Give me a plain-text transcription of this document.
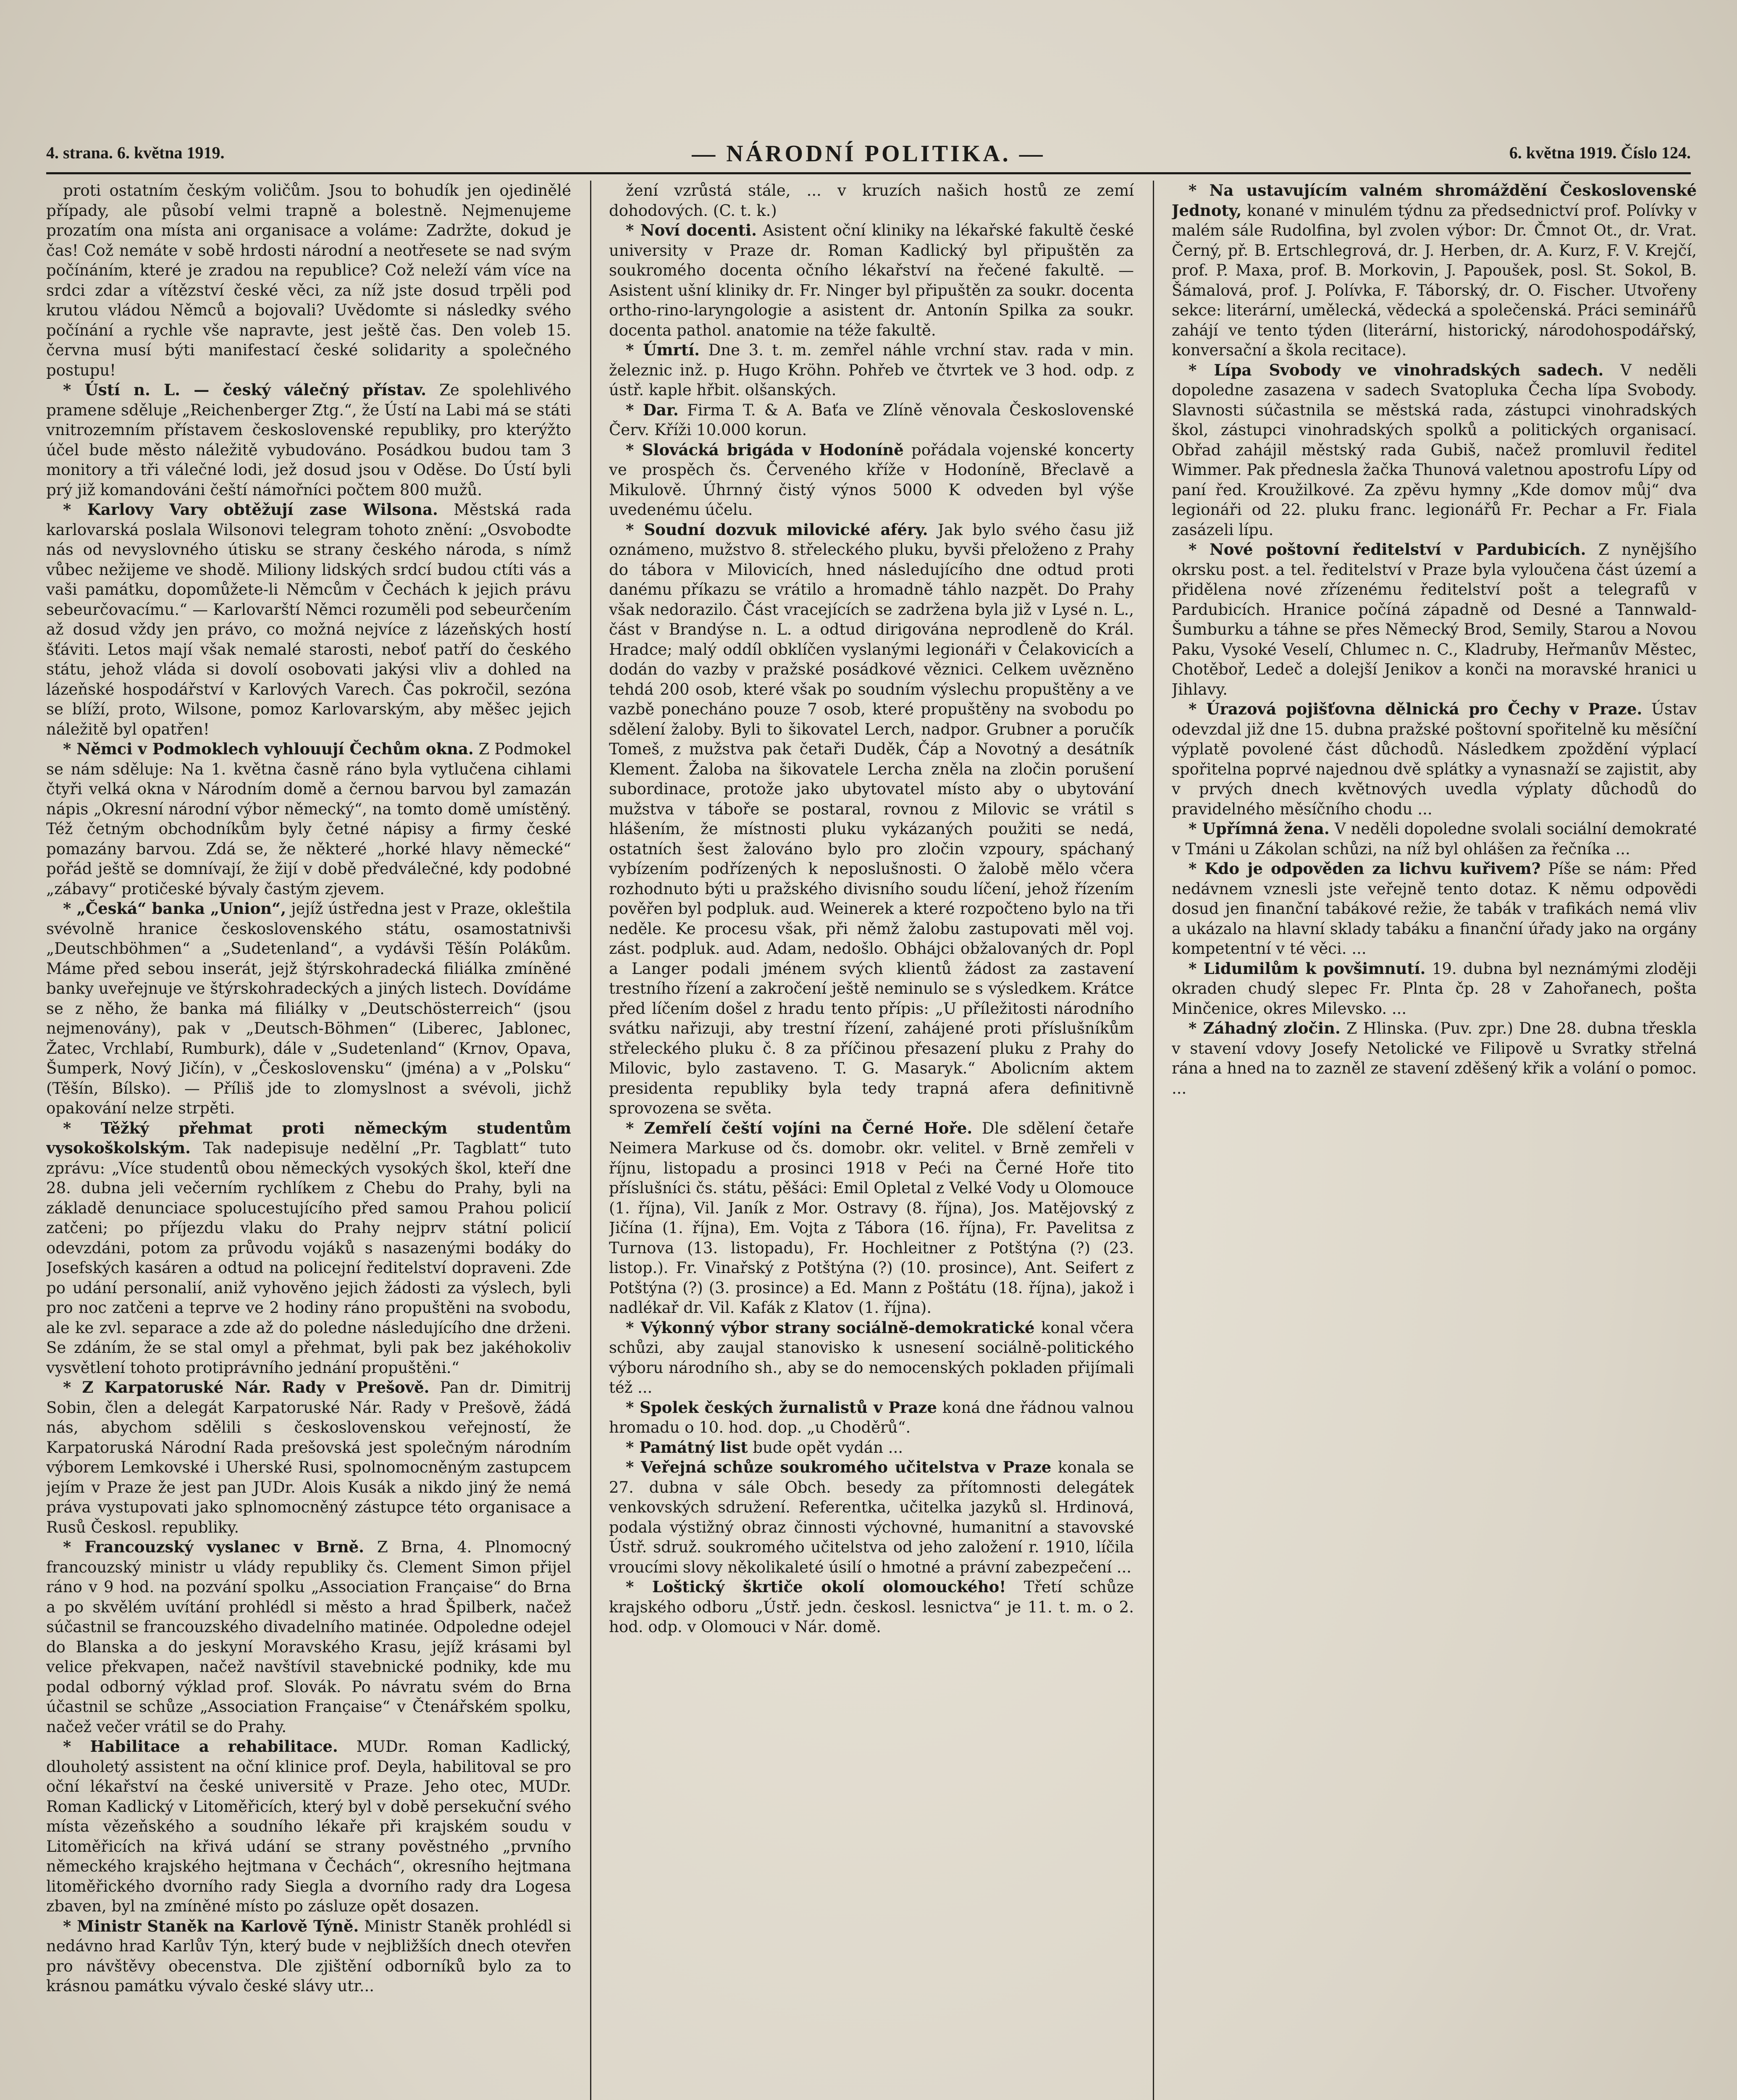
4. strana. 6. května 1919.	— NÁRODNÍ POLITIKA. —	6. května 1919. Číslo 124.

proti ostatním českým voličům. Jsou to bohudík jen ojedinělé případy, ale působí velmi trapně a bolestně. Nejmenujeme prozatím ona místa ani organisace a voláme: Zadržte, dokud je čas! Což nemáte v sobě hrdosti národní a neotřesete se nad svým počínáním, které je zradou na republice? Což neleží vám více na srdci zdar a vítězství české věci, za níž jste dosud trpěli pod krutou vládou Němců a bojovali? Uvědomte si následky svého počínání a rychle vše napravte, jest ještě čas. Den voleb 15. června musí býti manifestací české solidarity a společného postupu!

* Ústí n. L. — český válečný přístav. Ze spolehlivého pramene sděluje „Reichenberger Ztg.“, že Ústí na Labi má se státi vnitrozemním přístavem československé republiky, pro kterýžto účel bude město náležitě vybudováno. Posádkou budou tam 3 monitory a tři válečné lodi, jež dosud jsou v Oděse. Do Ústí byli prý již komandováni čeští námořníci počtem 800 mužů.

* Karlovy Vary obtěžují zase Wilsona. Městská rada karlovarská poslala Wilsonovi telegram tohoto znění: „Osvobodte nás od nevyslovného útisku se strany českého národa, s nímž vůbec nežijeme ve shodě. Miliony lidských srdcí budou ctíti vás a vaši památku, dopomůžete-li Němcům v Čechách k jejich právu sebeurčovacímu.“ — Karlovarští Němci rozuměli pod sebeurčením až dosud vždy jen právo, co možná nejvíce z lázeňských hostí šťáviti. Letos mají však nemalé starosti, neboť patří do českého státu, jehož vláda si dovolí osobovati jakýsi vliv a dohled na lázeňské hospodářství v Karlových Varech. Čas pokročil, sezóna se blíží, proto, Wilsone, pomoz Karlovarským, aby měšec jejich náležitě byl opatřen!

* Němci v Podmoklech vyhlouují Čechům okna. Z Podmokel se nám sděluje: Na 1. května časně ráno byla vytlučena cihlami čtyři velká okna v Národním domě a černou barvou byl zamazán nápis „Okresní národní výbor německý“, na tomto domě umístěný. Též četným obchodníkům byly četné nápisy a firmy české pomazány barvou. Zdá se, že některé „horké hlavy německé“ pořád ještě se domnívají, že žijí v době předválečné, kdy podobné „zábavy“ protičeské bývaly častým zjevem.

* „Česká“ banka „Union“, jejíž ústředna jest v Praze, okleštila svévolně hranice československého státu, osamostatnivši „Deutschböhmen“ a „Sudetenland“, a vydávši Těšín Polákům. Máme před sebou inserát, jejž štýrskohradecká filiálka zmíněné banky uveřejnuje ve štýrskohradeckých a jiných listech. Dovídáme se z něho, že banka má filiálky v „Deutschösterreich“ (jsou nejmenovány), pak v „Deutsch-Böhmen“ (Liberec, Jablonec, Žatec, Vrchlabí, Rumburk), dále v „Sudetenland“ (Krnov, Opava, Šumperk, Nový Jičín), v „Československu“ (jména) a v „Polsku“ (Těšín, Bílsko). — Příliš jde to zlomyslnost a svévoli, jichž opakování nelze strpěti.

* Těžký přehmat proti německým studentům vysokoškolským. Tak nadepisuje nedělní „Pr. Tagblatt“ tuto zprávu: „Více studentů obou německých vysokých škol, kteří dne 28. dubna jeli večerním rychlíkem z Chebu do Prahy, byli na základě denunciace spolucestujícího před samou Prahou policií zatčeni; po příjezdu vlaku do Prahy nejprv státní policií odevzdáni, potom za průvodu vojáků s nasazenými bodáky do Josefských kasáren a odtud na policejní ředitelství dopraveni. Zde po udání personalií, aniž vyhověno jejich žádosti za výslech, byli pro noc zatčeni a teprve ve 2 hodiny ráno propuštěni na svobodu, ale ke zvl. separace a zde až do poledne následujícího dne drženi. Se zdáním, že se stal omyl a přehmat, byli pak bez jakéhokoliv vysvětlení tohoto protiprávního jednání propuštěni.“

* Z Karpatoruské Nár. Rady v Prešově. Pan dr. Dimitrij Sobin, člen a delegát Karpatoruské Nár. Rady v Prešově, žádá nás, abychom sdělili s československou veřejností, že Karpatoruská Národní Rada prešovská jest společným národním výborem Lemkovské i Uherské Rusi, spolnomocněným zastupcem jejím v Praze že jest pan JUDr. Alois Kusák a nikdo jiný že nemá práva vystupovati jako splnomocněný zástupce této organisace a Rusů Českosl. republiky.

* Francouzský vyslanec v Brně. Z Brna, 4. Plnomocný francouzský ministr u vlády republiky čs. Clement Simon přijel ráno v 9 hod. na pozvání spolku „Association Française“ do Brna a po skvělém uvítání prohlédl si město a hrad Špilberk, načež súčastnil se francouzského divadelního matinée. Odpoledne odejel do Blanska a do jeskyní Moravského Krasu, jejíž krásami byl velice překvapen, načež navštívil stavebnické podniky, kde mu podal odborný výklad prof. Slovák. Po návratu svém do Brna účastnil se schůze „Association Française“ v Čtenářském spolku, načež večer vrátil se do Prahy.

* Habilitace a rehabilitace. MUDr. Roman Kadlický, dlouholetý assistent na oční klinice prof. Deyla, habilitoval se pro oční lékařství na české universitě v Praze. Jeho otec, MUDr. Roman Kadlický v Litoměřicích, který byl v době persekuční svého místa vězeňského a soudního lékaře při krajském soudu v Litoměřicích na křivá udání se strany pověstného „prvního německého krajského hejtmana v Čechách“, okresního hejtmana litoměřického dvorního rady Siegla a dvorního rady dra Logesa zbaven, byl na zmíněné místo po zásluze opět dosazen.

* Ministr Staněk na Karlově Týně. Ministr Staněk prohlédl si nedávno hrad Karlův Týn, který bude v nejbližších dnech otevřen pro návštěvy obecenstva. Dle zjištění odborníků bylo za to krásnou památku vývalo české slávy utr...

žení vzrůstá stále, ... v kruzích našich hostů ze zemí dohodových. (C. t. k.)

* Noví docenti. Asistent oční kliniky na lékařské fakultě české university v Praze dr. Roman Kadlický byl připuštěn za soukromého docenta očního lékařství na řečené fakultě. — Asistent ušní kliniky dr. Fr. Ninger byl připuštěn za soukr. docenta ortho-rino-laryngologie a asistent dr. Antonín Spilka za soukr. docenta pathol. anatomie na téže fakultě.

* Úmrtí. Dne 3. t. m. zemřel náhle vrchní stav. rada v min. železnic inž. p. Hugo Kröhn. Pohřeb ve čtvrtek ve 3 hod. odp. z ústř. kaple hřbit. olšanských.

* Dar. Firma T. & A. Baťa ve Zlíně věnovala Československé Červ. Kříži 10.000 korun.

* Slovácká brigáda v Hodoníně pořádala vojenské koncerty ve prospěch čs. Červeného kříže v Hodoníně, Břeclavě a Mikulově. Úhrnný čistý výnos 5000 K odveden byl výše uvedenému účelu.

* Soudní dozvuk milovické aféry. Jak bylo svého času již oznámeno, mužstvo 8. střeleckého pluku, byvši přeloženo z Prahy do tábora v Milovicích, hned následujícího dne odtud proti danému příkazu se vrátilo a hromadně táhlo nazpět. Do Prahy však nedorazilo. Část vracejících se zadržena byla již v Lysé n. L., část v Brandýse n. L. a odtud dirigována neprodleně do Král. Hradce; malý oddíl obklíčen vyslanými legionáři v Čelakovicích a dodán do vazby v pražské posádkové věznici. Celkem uvězněno tehdá 200 osob, které však po soudním výslechu propuštěny a ve vazbě ponecháno pouze 7 osob, které propuštěny na svobodu po sdělení žaloby. Byli to šikovatel Lerch, nadpor. Grubner a poručík Tomeš, z mužstva pak četaři Duděk, Čáp a Novotný a desátník Klement. Žaloba na šikovatele Lercha zněla na zločin porušení subordinace, protože jako ubytovatel místo aby o ubytování mužstva v táboře se postaral, rovnou z Milovic se vrátil s hlášením, že místnosti pluku vykázaných použiti se nedá, ostatních šest žalováno bylo pro zločin vzpoury, spáchaný vybízením podřízených k neposlušnosti. O žalobě mělo včera rozhodnuto býti u pražského divisního soudu líčení, jehož řízením pověřen byl podpluk. aud. Weinerek a které rozpočteno bylo na tři neděle. Ke procesu však, při němž žalobu zastupovati měl voj. zást. podpluk. aud. Adam, nedošlo. Obhájci obžalovaných dr. Popl a Langer podali jménem svých klientů žádost za zastavení trestního řízení a zakročení ještě neminulo se s výsledkem. Krátce před líčením došel z hradu tento přípis: „U příležitosti národního svátku nařizuji, aby trestní řízení, zahájené proti příslušníkům střeleckého pluku č. 8 za příčinou přesazení pluku z Prahy do Milovic, bylo zastaveno. T. G. Masaryk.“ Abolicním aktem presidenta republiky byla tedy trapná afera definitivně sprovozena se světa.

* Zemřelí čeští vojíni na Černé Hoře. Dle sdělení četaře Neimera Markuse od čs. domobr. okr. velitel. v Brně zemřeli v říjnu, listopadu a prosinci 1918 v Peći na Černé Hoře tito příslušníci čs. státu, pěšáci: Emil Opletal z Velké Vody u Olomouce (1. října), Vil. Janík z Mor. Ostravy (8. října), Jos. Matějovský z Jičína (1. října), Em. Vojta z Tábora (16. října), Fr. Pavelitsa z Turnova (13. listopadu), Fr. Hochleitner z Potštýna (?) (23. listop.). Fr. Vinařský z Potštýna (?) (10. prosince), Ant. Seifert z Potštýna (?) (3. prosince) a Ed. Mann z Poštátu (18. října), jakož i nadlékař dr. Vil. Kafák z Klatov (1. října).

* Výkonný výbor strany sociálně-demokratické konal včera schůzi, aby zaujal stanovisko k usnesení sociálně-politického výboru národního sh., aby se do nemocenských pokladen přijímali též ...

* Spolek českých žurnalistů v Praze koná dne řádnou valnou hromadu o 10. hod. dop. „u Choděrů“.

* Památný list bude opět vydán ...

* Veřejná schůze soukromého učitelstva v Praze konala se 27. dubna v sále Obch. besedy za přítomnosti delegátek venkovských sdružení. Referentka, učitelka jazyků sl. Hrdinová, podala výstižný obraz činnosti výchovné, humanitní a stavovské Ústř. sdruž. soukromého učitelstva od jeho založení r. 1910, líčila vroucími slovy několikaleté úsilí o hmotné a právní zabezpečení ...

* Loštický škrtiče okolí olomouckého! Třetí schůze krajského odboru „Ústř. jedn. českosl. lesnictva“ je 11. t. m. o 2. hod. odp. v Olomouci v Nár. domě.

* Na ustavujícím valném shromáždění Československé Jednoty, konané v minulém týdnu za předsednictví prof. Polívky v malém sále Rudolfina, byl zvolen výbor: Dr. Čmnot Ot., dr. Vrat. Černý, př. B. Ertschlegrová, dr. J. Herben, dr. A. Kurz, F. V. Krejčí, prof. P. Maxa, prof. B. Morkovin, J. Papoušek, posl. St. Sokol, B. Šámalová, prof. J. Polívka, F. Táborský, dr. O. Fischer. Utvořeny sekce: literární, umělecká, vědecká a společenská. Práci seminářů zahájí ve tento týden (literární, historický, národohospodářský, konversační a škola recitace).

* Lípa Svobody ve vinohradských sadech. V neděli dopoledne zasazena v sadech Svatopluka Čecha lípa Svobody. Slavnosti súčastnila se městská rada, zástupci vinohradských škol, zástupci vinohradských spolků a politických organisací. Obřad zahájil městský rada Gubiš, načež promluvil ředitel Wimmer. Pak přednesla žačka Thunová valetnou apostrofu Lípy od paní řed. Kroužilkové. Za zpěvu hymny „Kde domov můj“ dva legionáři od 22. pluku franc. legionářů Fr. Pechar a Fr. Fiala zasázeli lípu.

* Nové poštovní ředitelství v Pardubicích. Z nynějšího okrsku post. a tel. ředitelství v Praze byla vyloučena část území a přidělena nové zřízenému ředitelství pošt a telegrafů v Pardubicích. Hranice počíná západně od Desné a Tannwald-Šumburku a táhne se přes Německý Brod, Semily, Starou a Novou Paku, Vysoké Veselí, Chlumec n. C., Kladruby, Heřmanův Městec, Chotěboř, Ledeč a dolejší Jenikov a konči na moravské hranici u Jihlavy.

* Úrazová pojišťovna dělnická pro Čechy v Praze. Ústav odevzdal již dne 15. dubna pražské poštovní spořitelně ku měsíční výplatě povolené část důchodů. Následkem zpoždění výplací spořitelna poprvé najednou dvě splátky a vynasnaží se zajistit, aby v prvých dnech květnových uvedla výplaty důchodů do pravidelného měsíčního chodu ...

* Upřímná žena. V neděli dopoledne svolali sociální demokraté v Tmáni u Zákolan schůzi, na níž byl ohlášen za řečníka ...

* Kdo je odpověden za lichvu kuřivem? Píše se nám: Před nedávnem vznesli jste veřejně tento dotaz. K němu odpovědi dosud jen finanční tabákové režie, že tabák v trafikách nemá vliv a ukázalo na hlavní sklady tabáku a finanční úřady jako na orgány kompetentní v té věci. ...

* Lidumilům k povšimnutí. 19. dubna byl neznámými zloději okraden chudý slepec Fr. Plnta čp. 28 v Zahořanech, pošta Minčenice, okres Milevsko. ...

* Záhadný zločin. Z Hlinska. (Puv. zpr.) Dne 28. dubna třeskla v stavení vdovy Josefy Netolické ve Filipově u Svratky střelná rána a hned na to zazněl ze stavení zděšený křik a volání o pomoc. ...
